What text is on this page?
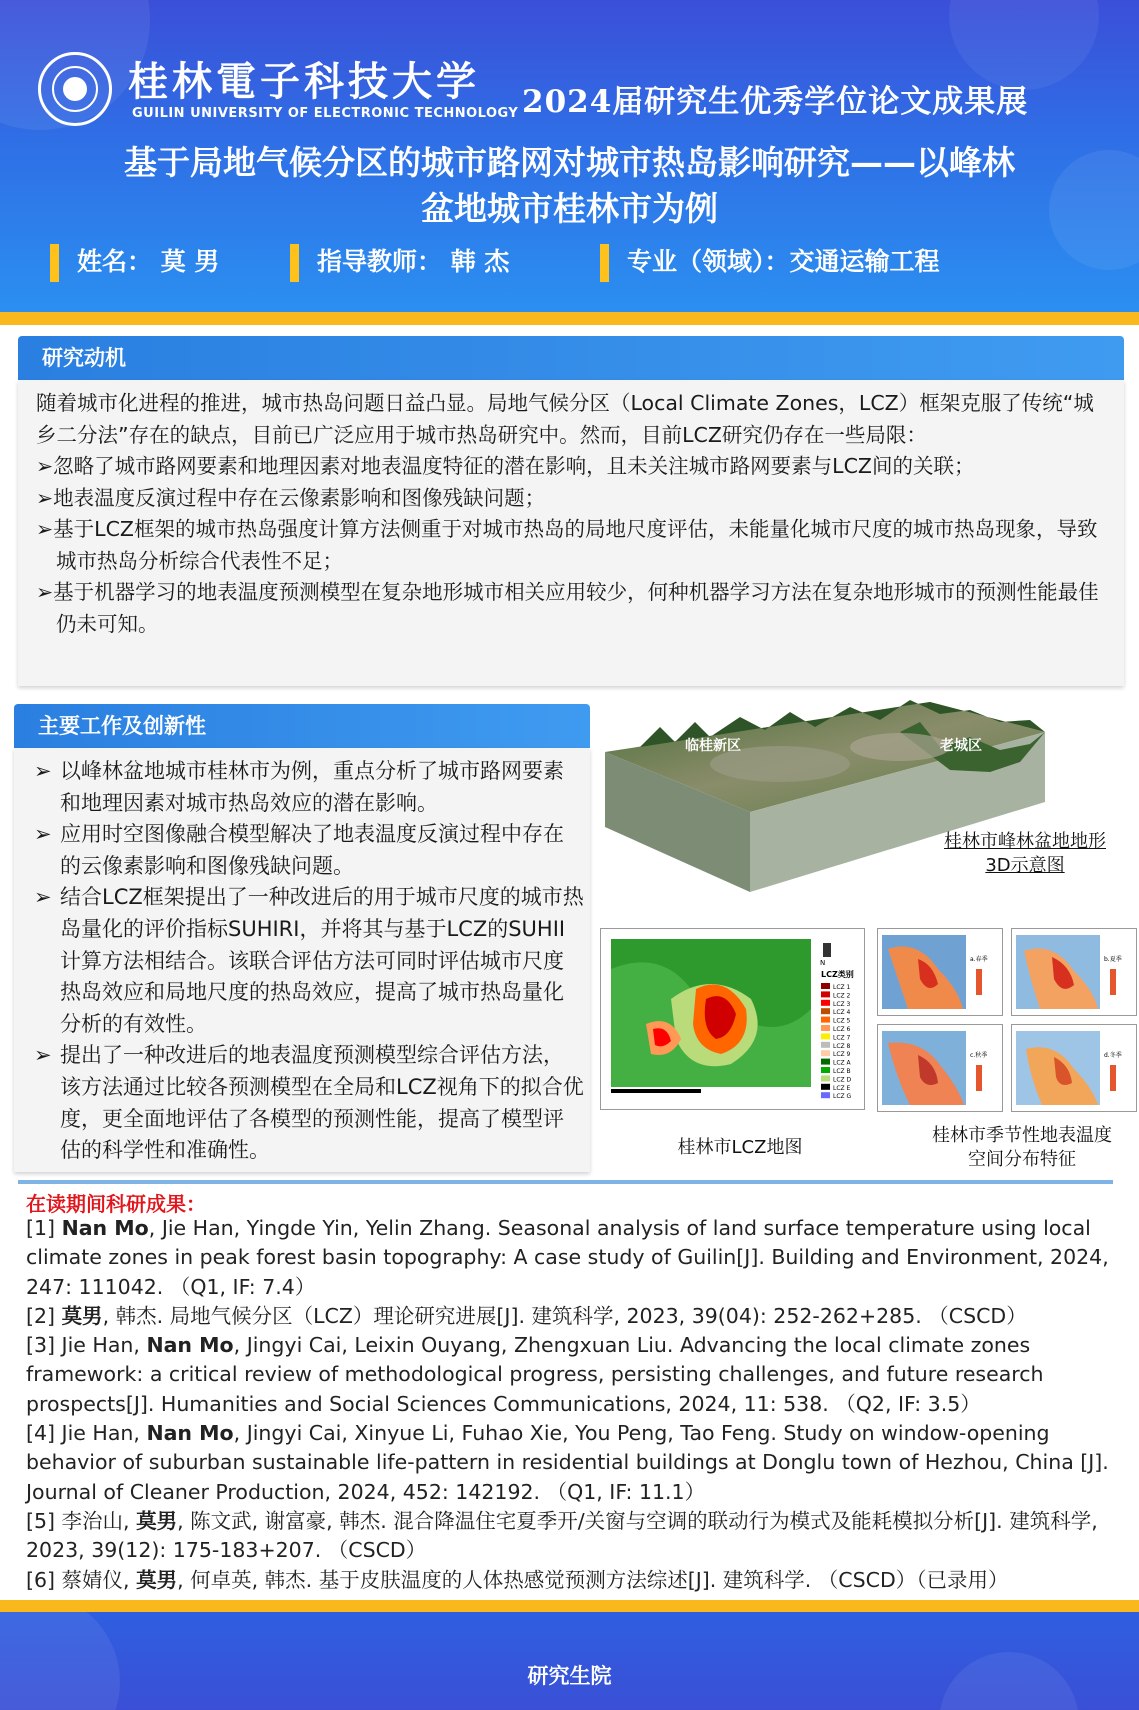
桂林電子科技大学
GUILIN UNIVERSITY OF ELECTRONIC TECHNOLOGY 2024届研究生优秀学位论文成果展
基于局地气候分区的城市路网对城市热岛影响研究——以峰林
盆地城市桂林市为例
姓名： 莫 男	指导教师： 韩 杰	专业（领域）：交通运输工程
研究动机

随着城市化进程的推进，城市热岛问题日益凸显。局地气候分区（Local Climate Zones，LCZ）框架克服了传统“城乡二分法”存在的缺点，目前已广泛应用于城市热岛研究中。然而，目前LCZ研究仍存在一些局限：

➢忽略了城市路网要素和地理因素对地表温度特征的潜在影响，且未关注城市路网要素与LCZ间的关联；

➢地表温度反演过程中存在云像素影响和图像残缺问题；

➢基于LCZ框架的城市热岛强度计算方法侧重于对城市热岛的局地尺度评估，未能量化城市尺度的城市热岛现象，导致城市热岛分析综合代表性不足；

➢基于机器学习的地表温度预测模型在复杂地形城市相关应用较少，何种机器学习方法在复杂地形城市的预测性能最佳仍未可知。

主要工作及创新性
➢ 以峰林盆地城市桂林市为例，重点分析了城市路网要素和地理因素对城市热岛效应的潜在影响。
➢ 应用时空图像融合模型解决了地表温度反演过程中存在的云像素影响和图像残缺问题。
➢ 结合LCZ框架提出了一种改进后的用于城市尺度的城市热岛量化的评价指标SUHIRI，并将其与基于LCZ的SUHII计算方法相结合。该联合评估方法可同时评估城市尺度热岛效应和局地尺度的热岛效应，提高了城市热岛量化分析的有效性。
➢ 提出了一种改进后的地表温度预测模型综合评估方法，该方法通过比较各预测模型在全局和LCZ视角下的拟合优度，更全面地评估了各模型的预测性能，提高了模型评估的科学性和准确性。
临桂新区	老城区
桂林市峰林盆地地形
3D示意图
N
LCZ类别
LCZ 1
LCZ 2
LCZ 3
LCZ 4
LCZ 5
LCZ 6
LCZ 7
LCZ 8
LCZ 9
LCZ A
LCZ B
LCZ D
LCZ E
LCZ G
桂林市LCZ地图
a.春季	b.夏季
c.秋季	d.冬季
桂林市季节性地表温度
空间分布特征
在读期间科研成果：

[1] Nan Mo, Jie Han, Yingde Yin, Yelin Zhang. Seasonal analysis of land surface temperature using local climate zones in peak forest basin topography: A case study of Guilin[J]. Building and Environment, 2024, 247: 111042. （Q1, IF: 7.4）

[2] 莫男, 韩杰. 局地气候分区（LCZ）理论研究进展[J]. 建筑科学, 2023, 39(04): 252-262+285. （CSCD）

[3] Jie Han, Nan Mo, Jingyi Cai, Leixin Ouyang, Zhengxuan Liu. Advancing the local climate zones framework: a critical review of methodological progress, persisting challenges, and future research prospects[J]. Humanities and Social Sciences Communications, 2024, 11: 538. （Q2, IF: 3.5）

[4] Jie Han, Nan Mo, Jingyi Cai, Xinyue Li, Fuhao Xie, You Peng, Tao Feng. Study on window-opening behavior of suburban sustainable life-pattern in residential buildings at Donglu town of Hezhou, China [J]. Journal of Cleaner Production, 2024, 452: 142192. （Q1, IF: 11.1）

[5] 李治山, 莫男, 陈文武, 谢富豪, 韩杰. 混合降温住宅夏季开/关窗与空调的联动行为模式及能耗模拟分析[J]. 建筑科学, 2023, 39(12): 175-183+207. （CSCD）

[6] 蔡婧仪, 莫男, 何卓英, 韩杰. 基于皮肤温度的人体热感觉预测方法综述[J]. 建筑科学. （CSCD）（已录用）

研究生院
